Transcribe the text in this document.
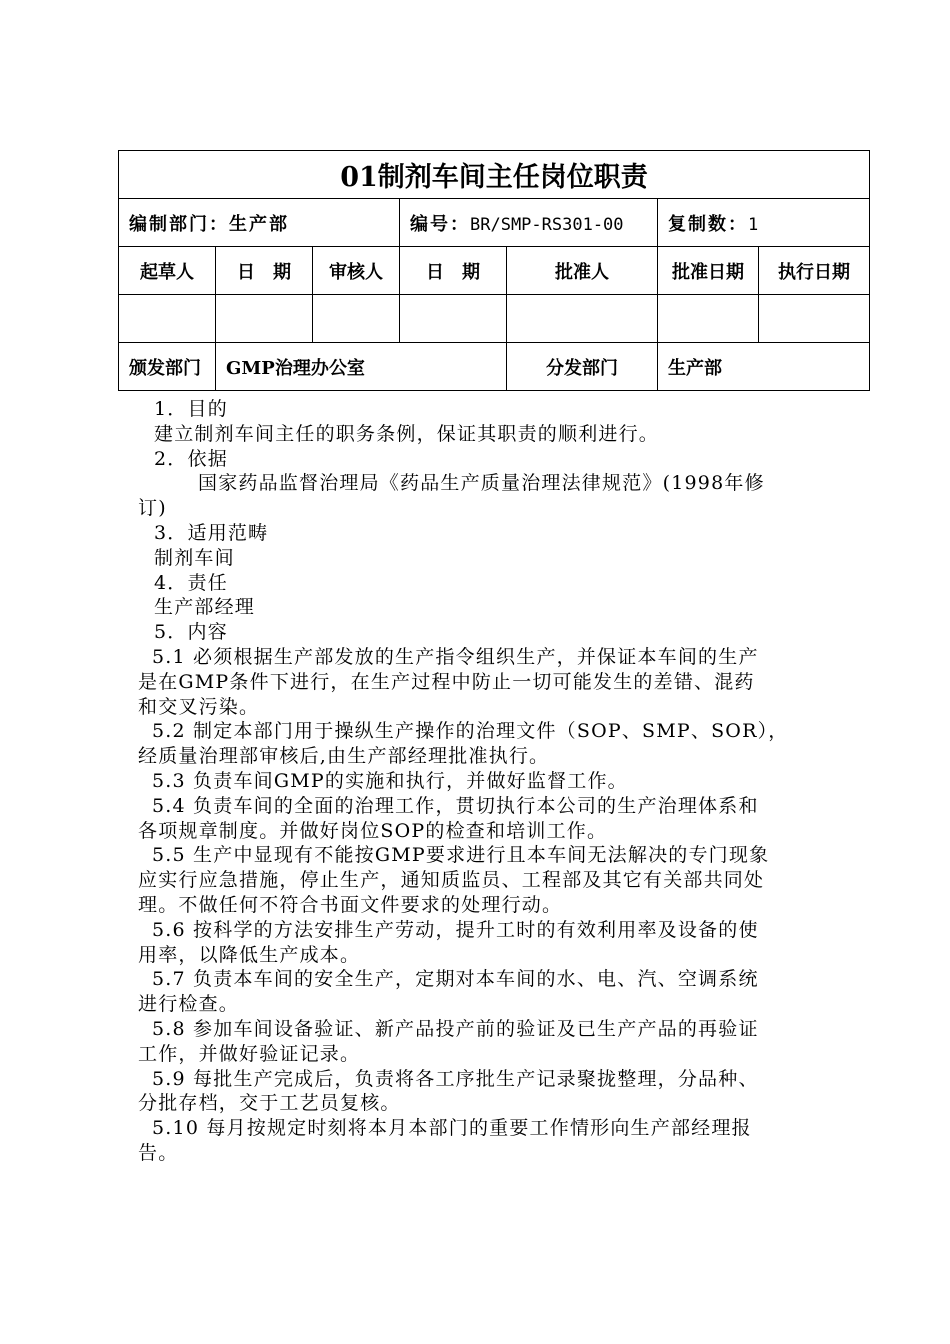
01制剂车间主任岗位职责						
编制部门：生产部			编号：BR/SMP-RS301-00		复制数：1	
起草人	日　期	审核人	日　期	批准人	批准日期	执行日期

颁发部门	GMP治理办公室			分发部门	生产部	

1．目的

建立制剂车间主任的职务条例，保证其职责的顺利进行。

2．依据

国家药品监督治理局《药品生产质量治理法律规范》(1998年修

订)

3．适用范畴

制剂车间

4．责任

生产部经理

5．内容

5.1 必须根据生产部发放的生产指令组织生产，并保证本车间的生产

是在GMP条件下进行，在生产过程中防止一切可能发生的差错、混药

和交叉污染。

5.2 制定本部门用于操纵生产操作的治理文件（SOP、SMP、SOR），

经质量治理部审核后,由生产部经理批准执行。

5.3 负责车间GMP的实施和执行，并做好监督工作。

5.4 负责车间的全面的治理工作，贯切执行本公司的生产治理体系和

各项规章制度。并做好岗位SOP的检查和培训工作。

5.5 生产中显现有不能按GMP要求进行且本车间无法解决的专门现象

应实行应急措施，停止生产，通知质监员、工程部及其它有关部共同处

理。不做任何不符合书面文件要求的处理行动。

5.6 按科学的方法安排生产劳动，提升工时的有效利用率及设备的使

用率，以降低生产成本。

5.7 负责本车间的安全生产，定期对本车间的水、电、汽、空调系统

进行检查。

5.8 参加车间设备验证、新产品投产前的验证及已生产产品的再验证

工作，并做好验证记录。

5.9 每批生产完成后，负责将各工序批生产记录聚拢整理，分品种、

分批存档，交于工艺员复核。

5.10 每月按规定时刻将本月本部门的重要工作情形向生产部经理报

告。
